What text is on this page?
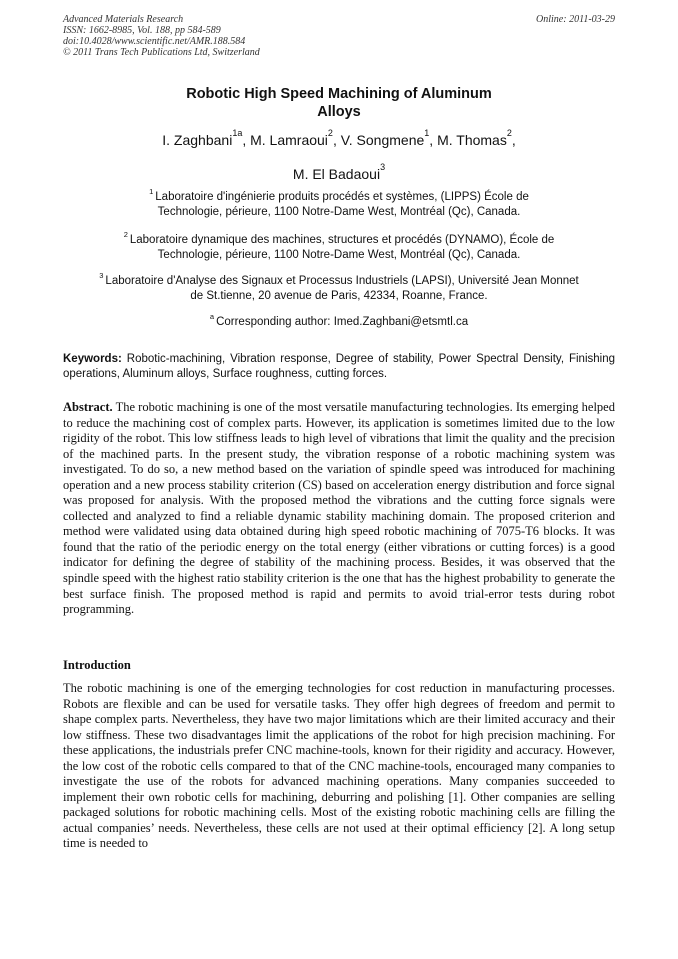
Advanced Materials Research
ISSN: 1662-8985, Vol. 188, pp 584-589
doi:10.4028/www.scientific.net/AMR.188.584
© 2011 Trans Tech Publications Ltd, Switzerland
Online: 2011-03-29
Robotic High Speed Machining of Aluminum
Alloys
I. Zaghbani$^{1a}$, M. Lamraoui$^2$, V. Songmene$^1$, M. Thomas$^2$,
M. El Badaoui$^3$
$^1$ Laboratoire d'ingénierie produits procédés et systèmes, (LIPPS) École de
Technologie, périeure, 1100 Notre-Dame West, Montréal (Qc), Canada.
$^2$ Laboratoire dynamique des machines, structures et procédés (DYNAMO), École de
Technologie, périeure, 1100 Notre-Dame West, Montréal (Qc), Canada.
$^3$ Laboratoire d'Analyse des Signaux et Processus Industriels (LAPSI), Université Jean Monnet
de St.tienne, 20 avenue de Paris, 42334, Roanne, France.
$^a$ Corresponding author: Imed.Zaghbani@etsmtl.ca
Keywords: Robotic-machining, Vibration response, Degree of stability, Power Spectral Density, Finishing operations, Aluminum alloys, Surface roughness, cutting forces.
Abstract. The robotic machining is one of the most versatile manufacturing technologies. Its emerging helped to reduce the machining cost of complex parts. However, its application is sometimes limited due to the low rigidity of the robot. This low stiffness leads to high level of vibrations that limit the quality and the precision of the machined parts. In the present study, the vibration response of a robotic machining system was investigated. To do so, a new method based on the variation of spindle speed was introduced for machining operation and a new process stability criterion (CS) based on acceleration energy distribution and force signal was proposed for analysis. With the proposed method the vibrations and the cutting force signals were collected and analyzed to find a reliable dynamic stability machining domain. The proposed criterion and method were validated using data obtained during high speed robotic machining of 7075-T6 blocks. It was found that the ratio of the periodic energy on the total energy (either vibrations or cutting forces) is a good indicator for defining the degree of stability of the machining process. Besides, it was observed that the spindle speed with the highest ratio stability criterion is the one that has the highest probability to generate the best surface finish. The proposed method is rapid and permits to avoid trial-error tests during robot programming.
Introduction
The robotic machining is one of the emerging technologies for cost reduction in manufacturing processes. Robots are flexible and can be used for versatile tasks. They offer high degrees of freedom and permit to shape complex parts. Nevertheless, they have two major limitations which are their limited accuracy and their low stiffness. These two disadvantages limit the applications of the robot for high precision machining. For these applications, the industrials prefer CNC machine-tools, known for their rigidity and accuracy. However, the low cost of the robotic cells compared to that of the CNC machine-tools, encouraged many companies to investigate the use of the robots for advanced machining operations. Many companies succeeded to implement their own robotic cells for machining, deburring and polishing [1]. Other companies are selling packaged solutions for robotic machining cells. Most of the existing robotic machining cells are filling the actual companies’ needs. Nevertheless, these cells are not used at their optimal efficiency [2]. A long setup time is needed to
